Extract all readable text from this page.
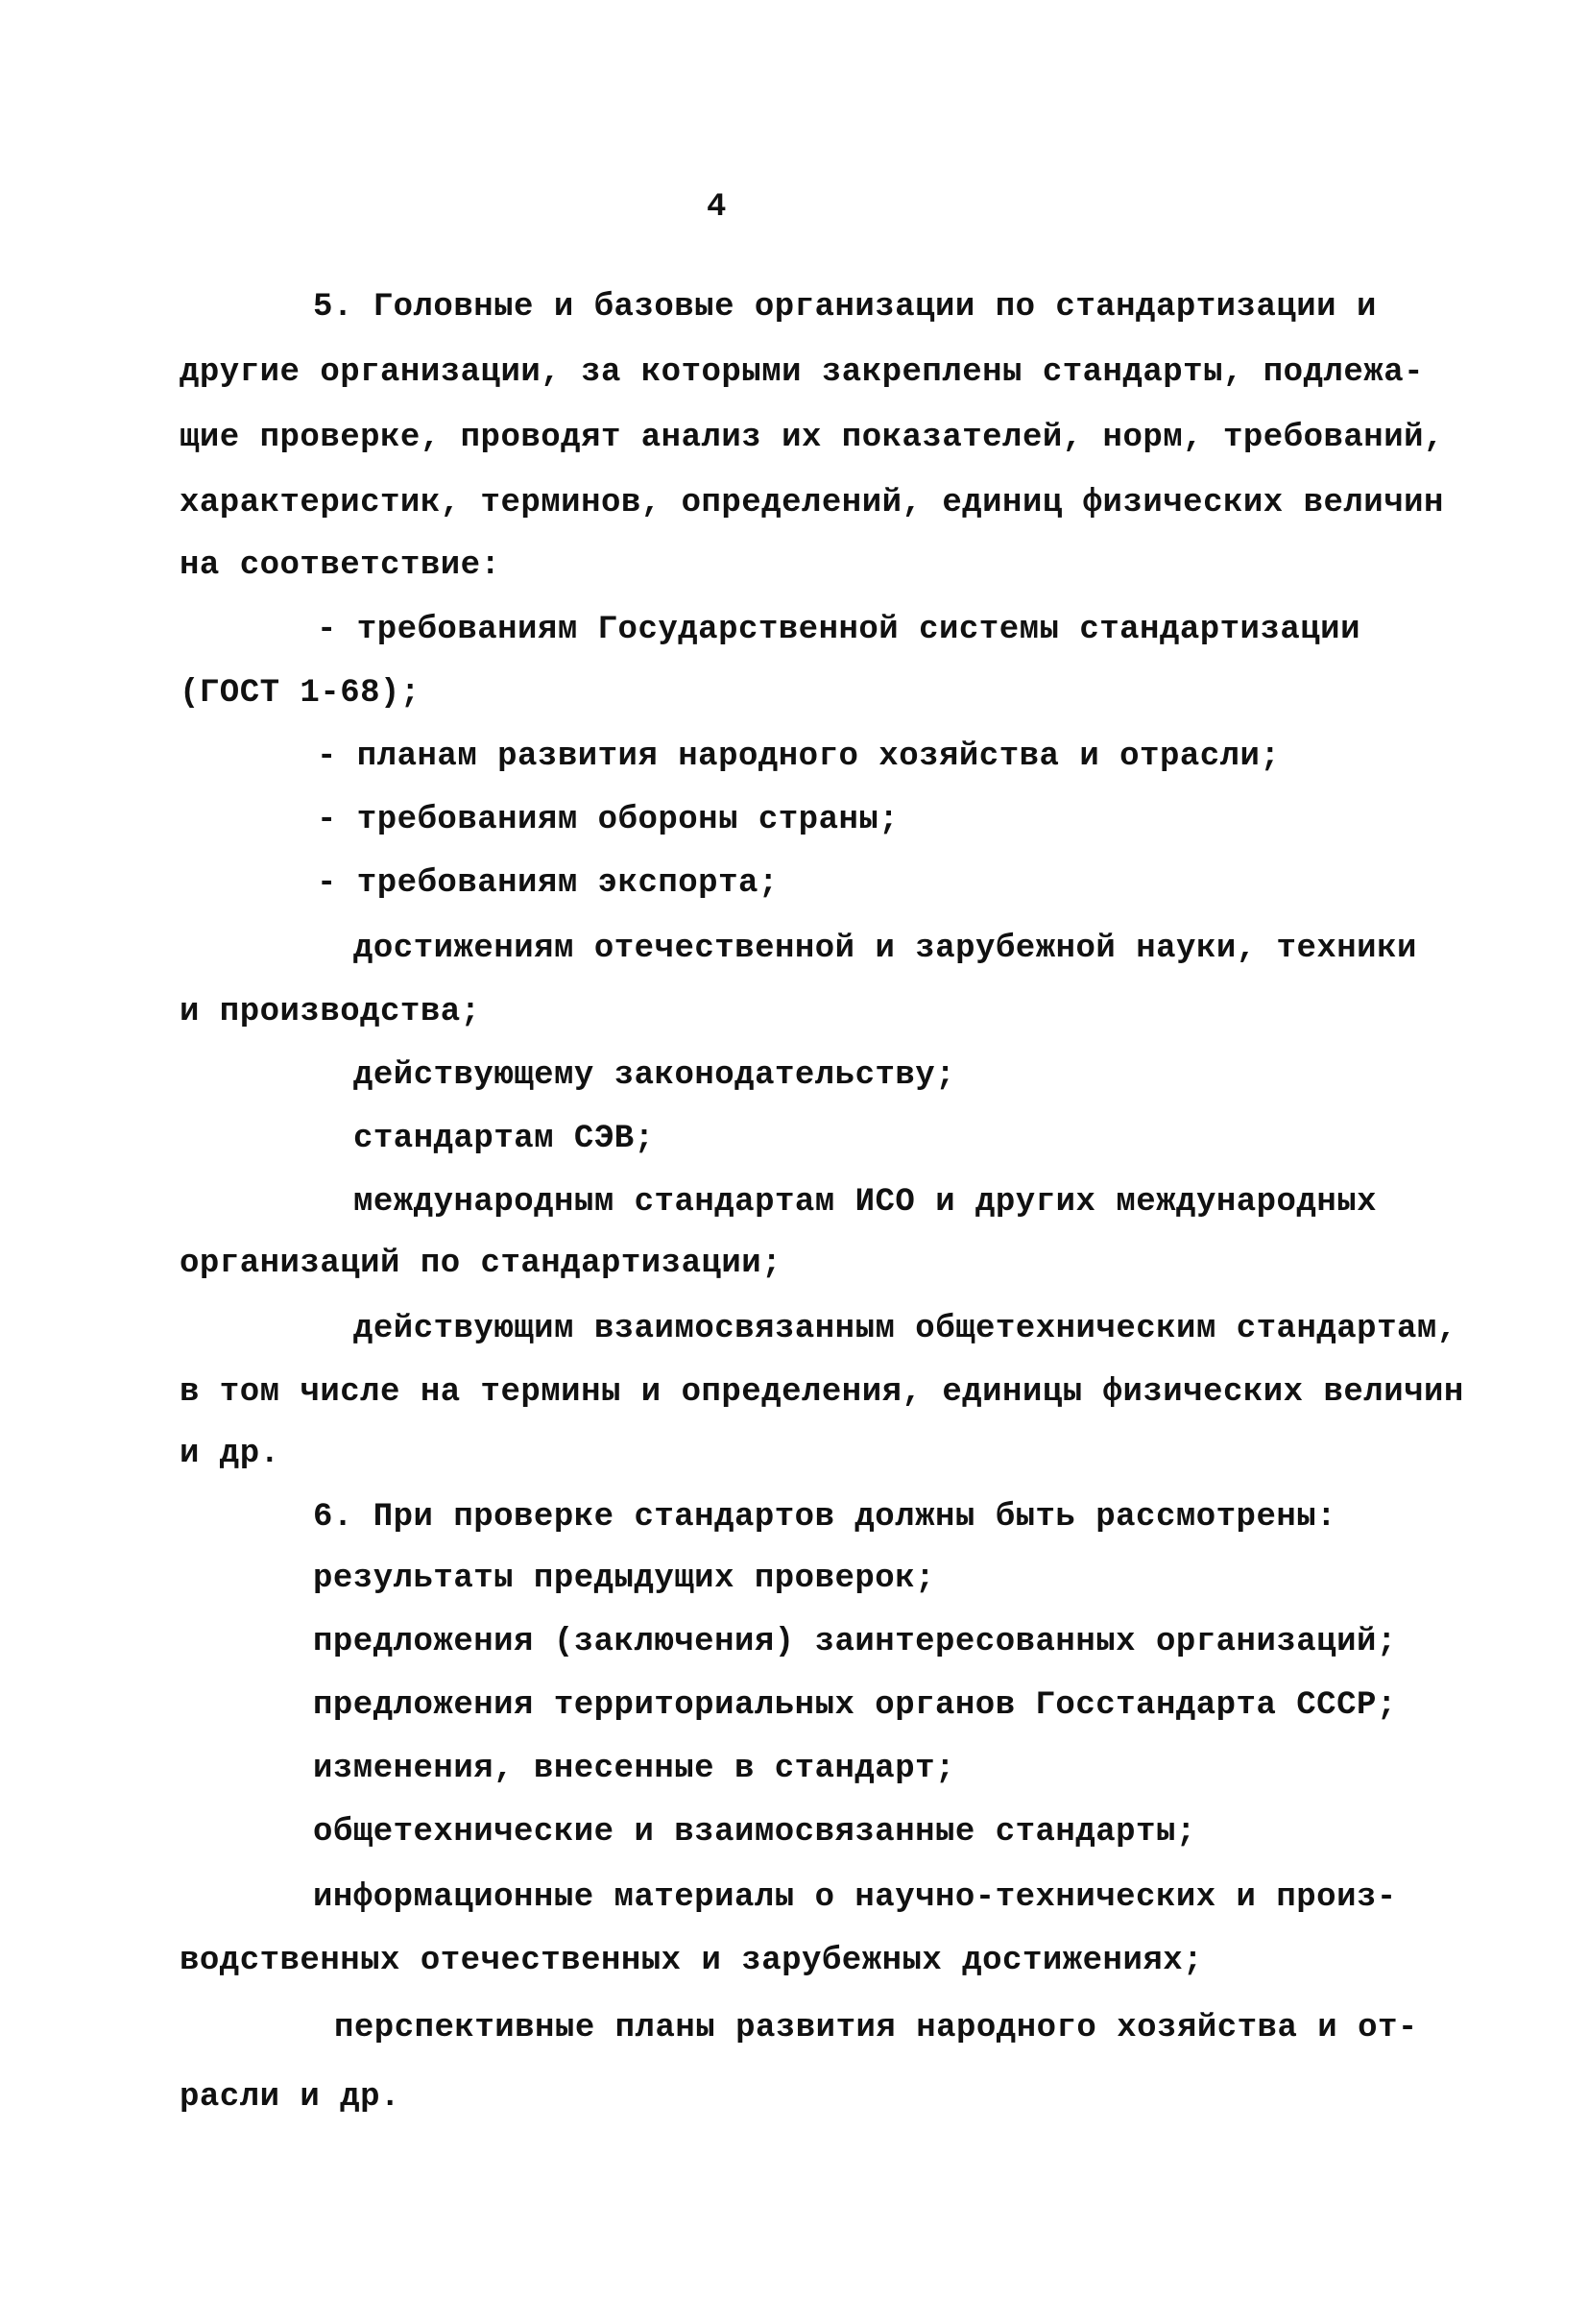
4
5. Головные и базовые организации по стандартизации и
другие организации, за которыми закреплены стандарты, подлежа-
щие проверке, проводят анализ их показателей, норм, требований,
характеристик, терминов, определений, единиц физических величин
на соответствие:
- требованиям Государственной системы стандартизации
(ГОСТ 1-68);
- планам развития народного хозяйства и отрасли;
- требованиям обороны страны;
- требованиям экспорта;
достижениям отечественной и зарубежной науки, техники
и производства;
действующему законодательству;
стандартам СЭВ;
международным стандартам ИСО и других международных
организаций по стандартизации;
действующим взаимосвязанным общетехническим стандартам,
в том числе на термины и определения, единицы физических величин
и др.
6. При проверке стандартов должны быть рассмотрены:
результаты предыдущих проверок;
предложения (заключения) заинтересованных организаций;
предложения территориальных органов Госстандарта СССР;
изменения, внесенные в стандарт;
общетехнические и взаимосвязанные стандарты;
информационные материалы о научно-технических и произ-
водственных отечественных и зарубежных достижениях;
перспективные планы развития народного хозяйства и от-
расли и др.
